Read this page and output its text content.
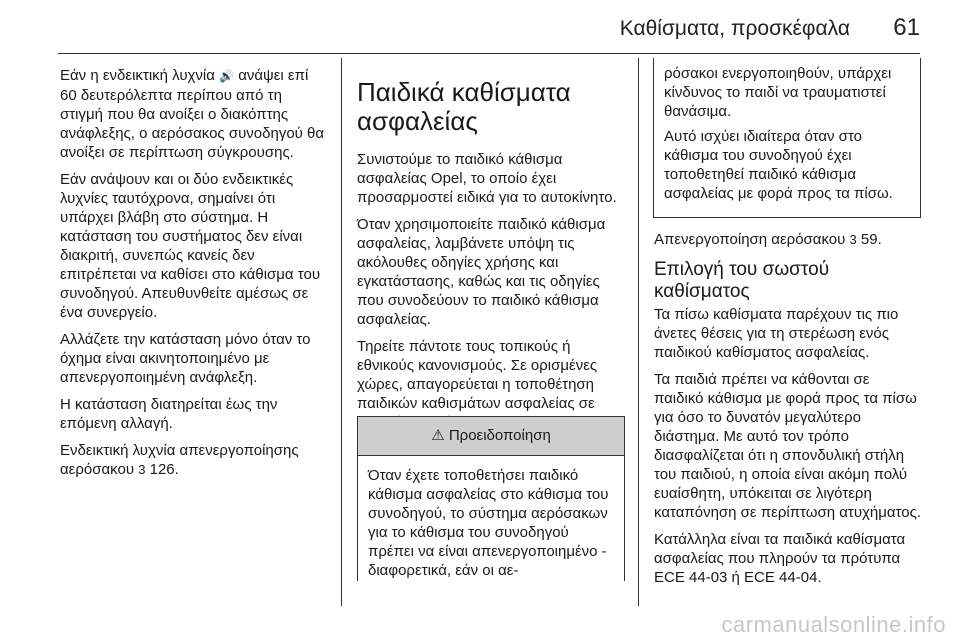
Καθίσματα, προσκέφαλα 61

Εάν η ενδεικτική λυχνία 🔊 ανάψει επί 60 δευτερόλεπτα περίπου από τη στιγμή που θα ανοίξει ο διακόπτης ανάφλεξης, ο αερόσακος συνοδηγού θα ανοίξει σε περίπτωση σύγκρουσης.

Εάν ανάψουν και οι δύο ενδεικτικές λυχνίες ταυτόχρονα, σημαίνει ότι υπάρχει βλάβη στο σύστημα. Η κατάσταση του συστήματος δεν είναι διακριτή, συνεπώς κανείς δεν επιτρέπεται να καθίσει στο κάθισμα του συνοδηγού. Απευθυνθείτε αμέσως σε ένα συνεργείο.

Αλλάζετε την κατάσταση μόνο όταν το όχημα είναι ακινητοποιημένο με απενεργοποιημένη ανάφλεξη.

Η κατάσταση διατηρείται έως την επόμενη αλλαγή.

Ενδεικτική λυχνία απενεργοποίησης αερόσακου 3 126.

Παιδικά καθίσματα ασφαλείας

Συνιστούμε το παιδικό κάθισμα ασφαλείας Opel, το οποίο έχει προσαρμοστεί ειδικά για το αυτοκίνητο.

Όταν χρησιμοποιείτε παιδικό κάθισμα ασφαλείας, λαμβάνετε υπόψη τις ακόλουθες οδηγίες χρήσης και εγκατάστασης, καθώς και τις οδηγίες που συνοδεύουν το παιδικό κάθισμα ασφαλείας.

Τηρείτε πάντοτε τους τοπικούς ή εθνικούς κανονισμούς. Σε ορισμένες χώρες, απαγορεύεται η τοποθέτηση παιδικών καθισμάτων ασφαλείας σε

⚠ Προειδοποίηση
Όταν έχετε τοποθετήσει παιδικό κάθισμα ασφαλείας στο κάθισμα του συνοδηγού, το σύστημα αερόσακων για το κάθισμα του συνοδηγού πρέπει να είναι απενεργοποιημένο - διαφορετικά, εάν οι αε-

ρόσακοι ενεργοποιηθούν, υπάρχει κίνδυνος το παιδί να τραυματιστεί θανάσιμα.

Αυτό ισχύει ιδιαίτερα όταν στο κάθισμα του συνοδηγού έχει τοποθετηθεί παιδικό κάθισμα ασφαλείας με φορά προς τα πίσω.

Απενεργοποίηση αερόσακου 3 59.

Επιλογή του σωστού καθίσματος

Τα πίσω καθίσματα παρέχουν τις πιο άνετες θέσεις για τη στερέωση ενός παιδικού καθίσματος ασφαλείας.

Τα παιδιά πρέπει να κάθονται σε παιδικό κάθισμα με φορά προς τα πίσω για όσο το δυνατόν μεγαλύτερο διάστημα. Με αυτό τον τρόπο διασφαλίζεται ότι η σπονδυλική στήλη του παιδιού, η οποία είναι ακόμη πολύ ευαίσθητη, υπόκειται σε λιγότερη καταπόνηση σε περίπτωση ατυχήματος.

Κατάλληλα είναι τα παιδικά καθίσματα ασφαλείας που πληρούν τα πρότυπα ECE 44-03 ή ECE 44-04.

carmanualsonline.info
